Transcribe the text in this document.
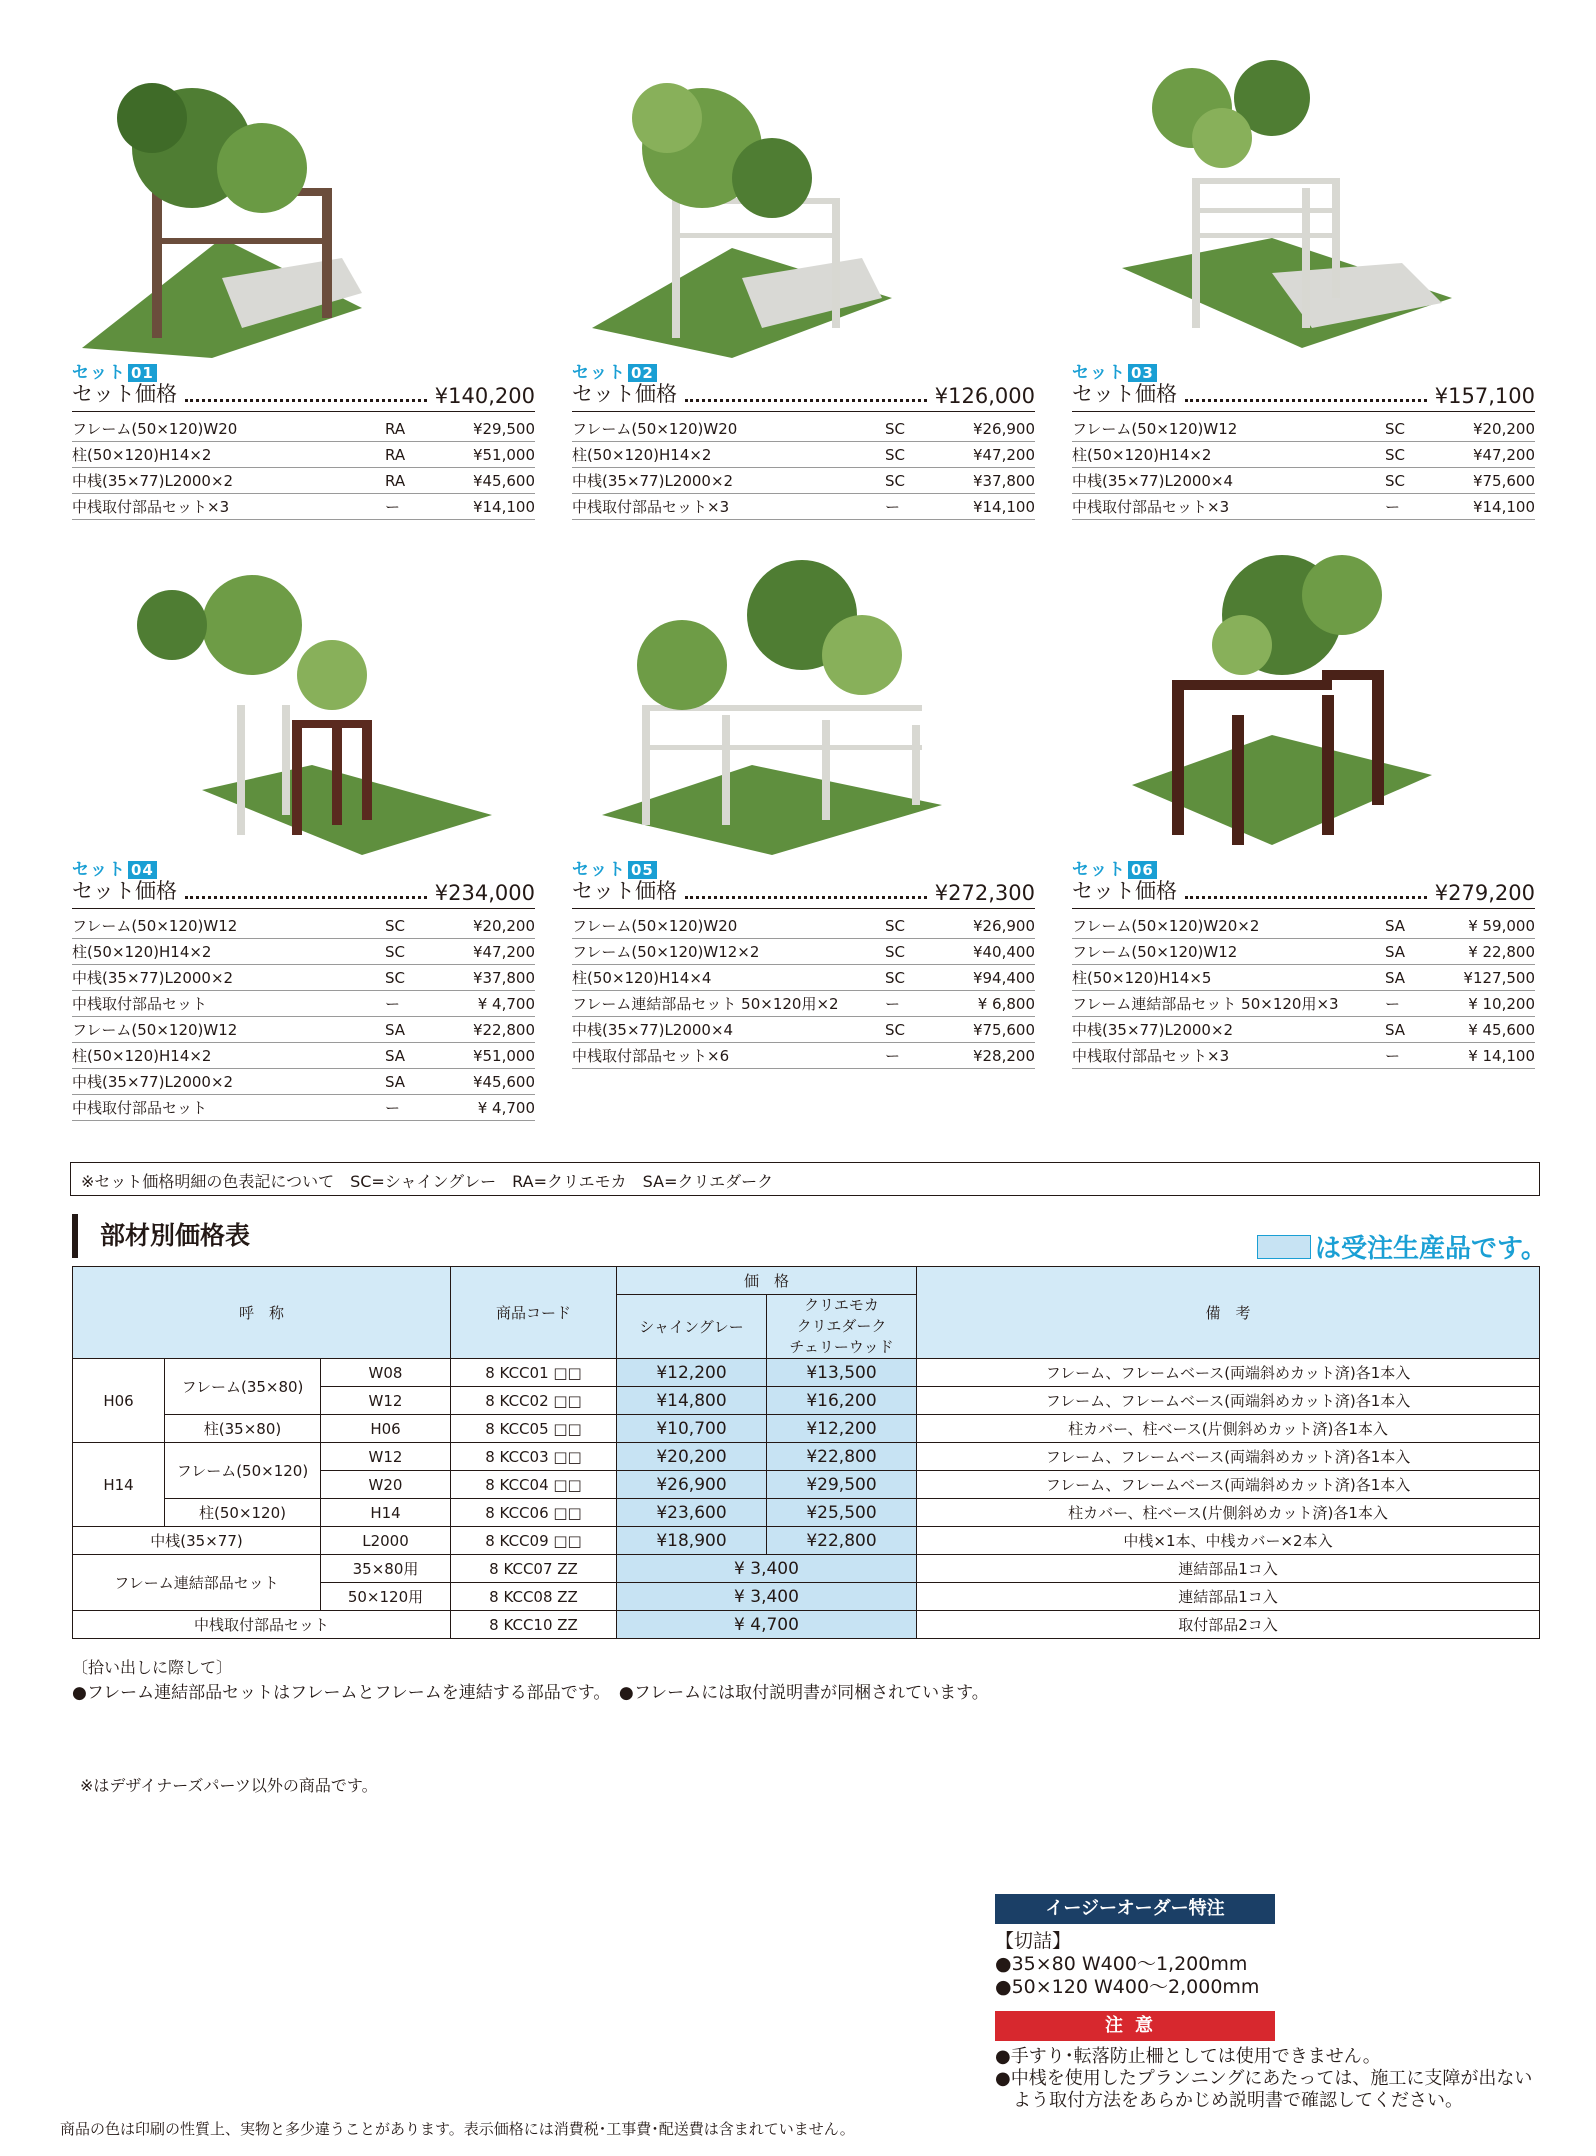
セット 01
セット価格	¥140,200
フレーム(50×120)W20	RA	¥29,500
柱(50×120)H14×2	RA	¥51,000
中桟(35×77)L2000×2	RA	¥45,600
中桟取付部品セット×3	ー	¥14,100
セット 02
セット価格	¥126,000
フレーム(50×120)W20	SC	¥26,900
柱(50×120)H14×2	SC	¥47,200
中桟(35×77)L2000×2	SC	¥37,800
中桟取付部品セット×3	ー	¥14,100
セット 03
セット価格	¥157,100
フレーム(50×120)W12	SC	¥20,200
柱(50×120)H14×2	SC	¥47,200
中桟(35×77)L2000×4	SC	¥75,600
中桟取付部品セット×3	ー	¥14,100
セット 04
セット価格	¥234,000
フレーム(50×120)W12	SC	¥20,200
柱(50×120)H14×2	SC	¥47,200
中桟(35×77)L2000×2	SC	¥37,800
中桟取付部品セット	ー	¥ 4,700
フレーム(50×120)W12	SA	¥22,800
柱(50×120)H14×2	SA	¥51,000
中桟(35×77)L2000×2	SA	¥45,600
中桟取付部品セット	ー	¥ 4,700
セット 05
セット価格	¥272,300
フレーム(50×120)W20	SC	¥26,900
フレーム(50×120)W12×2	SC	¥40,400
柱(50×120)H14×4	SC	¥94,400
フレーム連結部品セット 50×120用×2	ー	¥ 6,800
中桟(35×77)L2000×4	SC	¥75,600
中桟取付部品セット×6	ー	¥28,200
セット 06
セット価格	¥279,200
フレーム(50×120)W20×2	SA	¥ 59,000
フレーム(50×120)W12	SA	¥ 22,800
柱(50×120)H14×5	SA	¥127,500
フレーム連結部品セット 50×120用×3	ー	¥ 10,200
中桟(35×77)L2000×2	SA	¥ 45,600
中桟取付部品セット×3	ー	¥ 14,100
※セット価格明細の色表記について　SC=シャイングレー　RA=クリエモカ　SA=クリエダーク
部材別価格表	は受注生産品です。
呼　称			商品コード	価　格		備　考
				シャイングレー	クリエモカ
クリエダーク
チェリーウッド	
H06	フレーム(35×80)	W08	8 KCC01 □□	¥12,200	¥13,500	フレーム、フレームベース(両端斜めカット済)各1本入
		W12	8 KCC02 □□	¥14,800	¥16,200	フレーム、フレームベース(両端斜めカット済)各1本入
	柱(35×80)	H06	8 KCC05 □□	¥10,700	¥12,200	柱カバー、柱ベース(片側斜めカット済)各1本入
H14	フレーム(50×120)	W12	8 KCC03 □□	¥20,200	¥22,800	フレーム、フレームベース(両端斜めカット済)各1本入
		W20	8 KCC04 □□	¥26,900	¥29,500	フレーム、フレームベース(両端斜めカット済)各1本入
	柱(50×120)	H14	8 KCC06 □□	¥23,600	¥25,500	柱カバー、柱ベース(片側斜めカット済)各1本入
中桟(35×77)		L2000	8 KCC09 □□	¥18,900	¥22,800	中桟×1本、中桟カバー×2本入
フレーム連結部品セット		35×80用	8 KCC07 ZZ	¥ 3,400		連結部品1コ入
		50×120用	8 KCC08 ZZ	¥ 3,400		連結部品1コ入
中桟取付部品セット			8 KCC10 ZZ	¥ 4,700		取付部品2コ入
〔拾い出しに際して〕
●フレーム連結部品セットはフレームとフレームを連結する部品です。　●フレームには取付説明書が同梱されています。
※はデザイナーズパーツ以外の商品です。
イージーオーダー特注
【切詰】
●35×80 W400～1,200mm
●50×120 W400～2,000mm
注意
●手すり･転落防止柵としては使用できません。
●中桟を使用したプランニングにあたっては、施工に支障が出ない
　よう取付方法をあらかじめ説明書で確認してください。
商品の色は印刷の性質上、実物と多少違うことがあります。表示価格には消費税･工事費･配送費は含まれていません。
